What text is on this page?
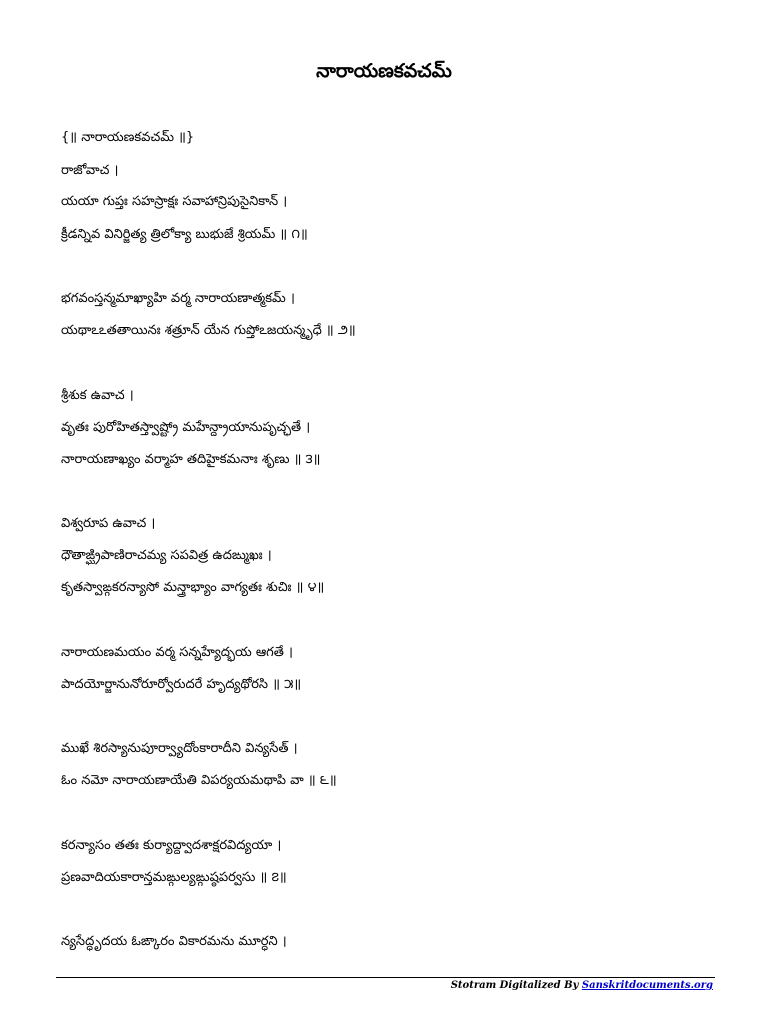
నారాయణకవచమ్
{॥ నారాయణకవచమ్ ॥}
రాజోవాచ ।
యయా గుప్తః సహస్రాక్షః సవాహాన్రిపుసైనికాన్ ।
క్రీడన్నివ వినిర్జిత్య త్రిలోక్యా బుభుజే శ్రియమ్ ॥ ౧॥
భగవంస్తన్మమాఖ్యాహి వర్మ నారాయణాత్మకమ్ ।
యథాఽఽతతాయినః శత్రూన్ యేన గుప్తోఽజయన్మృధే ॥ ౨॥
శ్రీశుక ఉవాచ ।
వృతః పురోహితస్త్వాష్ట్రో మహేన్ద్రాయానుపృచ్ఛతే ।
నారాయణాఖ్యం వర్మాహ తదిహైకమనాః శృణు ॥ ౩॥
విశ్వరూప ఉవాచ ।
ధౌతాఙ్ఘ్రిపాణిరాచమ్య సపవిత్ర ఉదఙ్ముఖః ।
కృతస్వాఙ్గకరన్యాసో మన్త్రాభ్యాం వాగ్యతః శుచిః ॥ ౪॥
నారాయణమయం వర్మ సన్నహ్యేద్భయ ఆగతే ।
పాదయోర్జానునోరూర్వోరుదరే హృద్యథోరసి ॥ ౫॥
ముఖే శిరస్యానుపూర్వ్యాదోంకారాదీని విన్యసేత్ ।
ఓం నమో నారాయణాయేతి విపర్యయమథాపి వా ॥ ౬॥
కరన్యాసం తతః కుర్యాద్ద్వాదశాక్షరవిద్యయా ।
ప్రణవాదియకారాన్తమఙ్గుల్యఙ్గుష్ఠపర్వసు ॥ ౭॥
న్యసేద్ధృదయ ఓఙ్కారం వికారమను మూర్ధని ।
Stotram Digitalized By Sanskritdocuments.org
